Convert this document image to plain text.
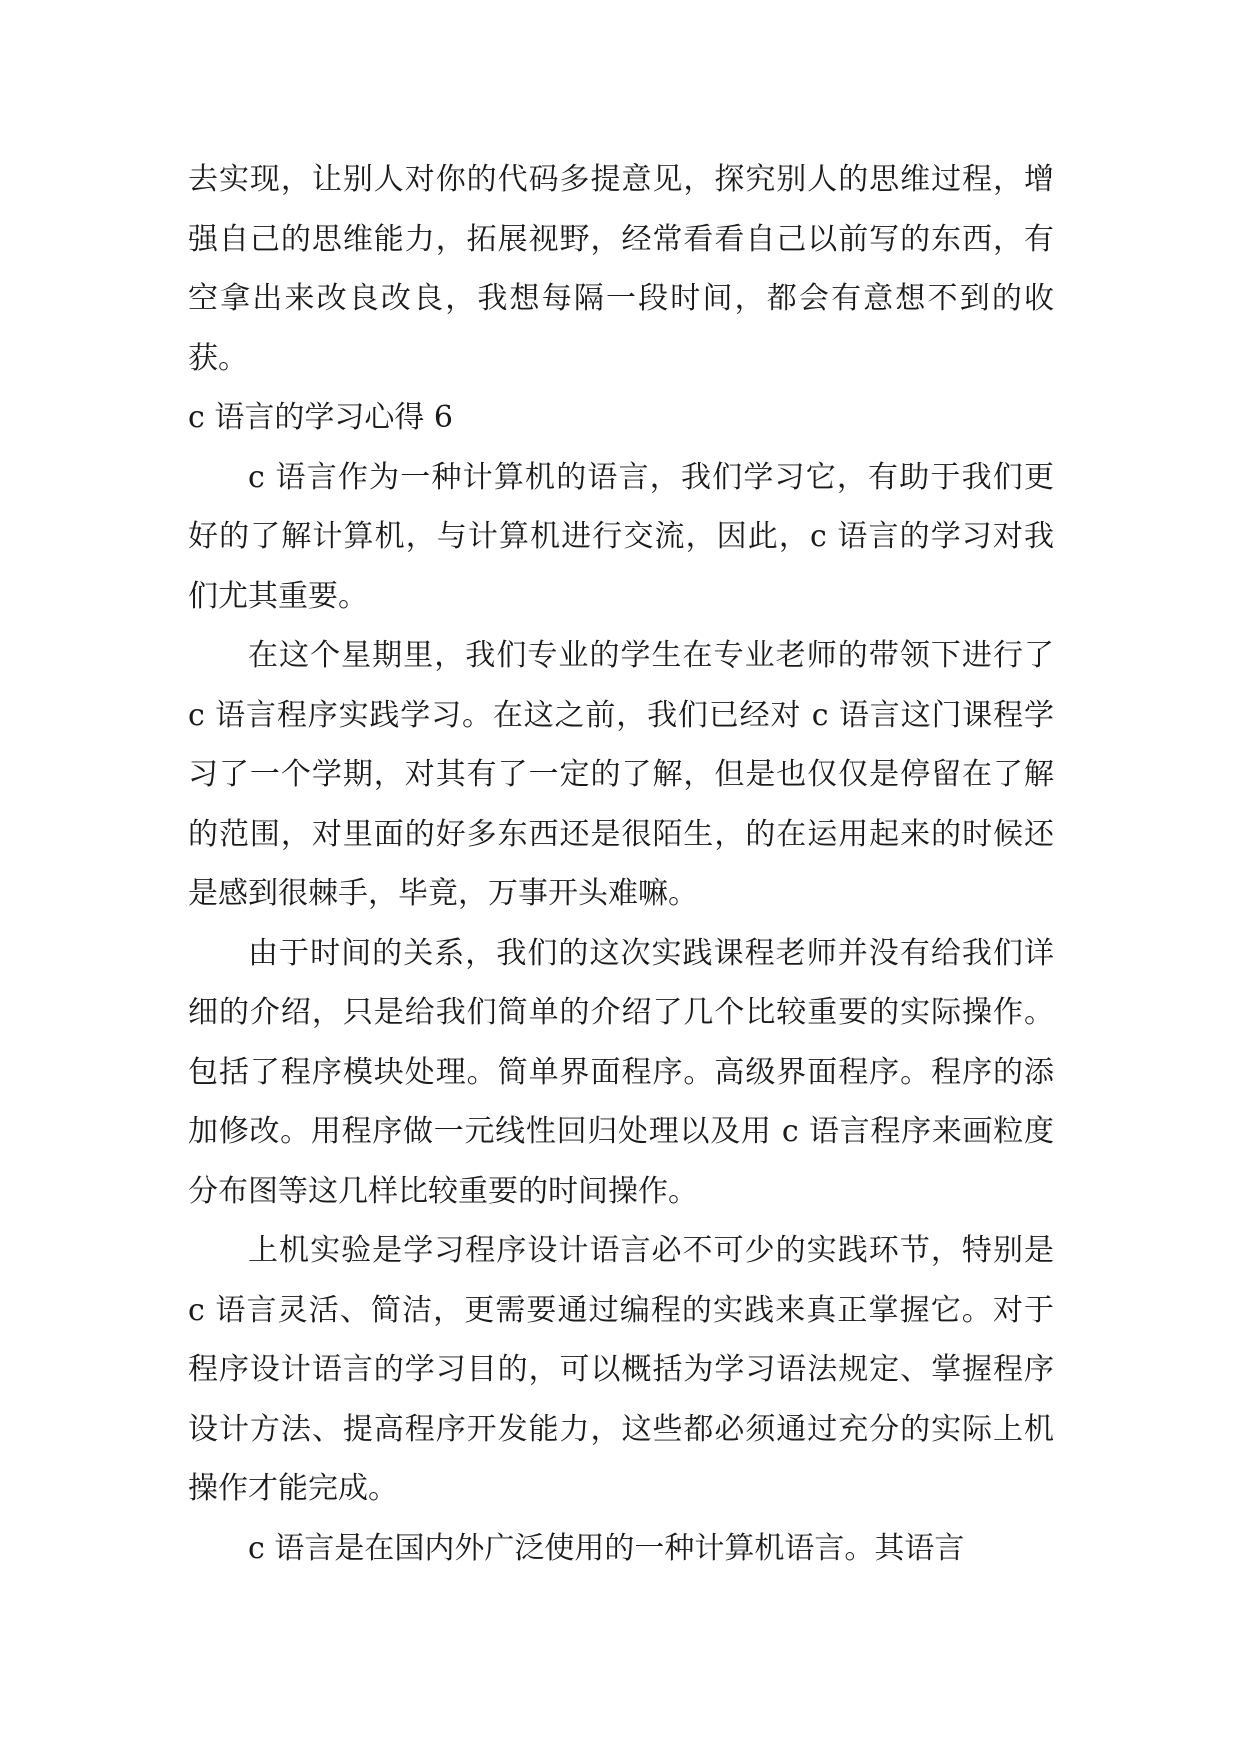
去实现，让别人对你的代码多提意见，探究别人的思维过程，增强自己的思维能力，拓展视野，经常看看自己以前写的东西，有空拿出来改良改良，我想每隔一段时间，都会有意想不到的收获。

c 语言的学习心得 6

c 语言作为一种计算机的语言，我们学习它，有助于我们更好的了解计算机，与计算机进行交流，因此，c 语言的学习对我们尤其重要。

在这个星期里，我们专业的学生在专业老师的带领下进行了 c 语言程序实践学习。在这之前，我们已经对 c 语言这门课程学习了一个学期，对其有了一定的了解，但是也仅仅是停留在了解的范围，对里面的好多东西还是很陌生，的在运用起来的时候还是感到很棘手，毕竟，万事开头难嘛。

由于时间的关系，我们的这次实践课程老师并没有给我们详细的介绍，只是给我们简单的介绍了几个比较重要的实际操作。包括了程序模块处理。简单界面程序。高级界面程序。程序的添加修改。用程序做一元线性回归处理以及用 c 语言程序来画粒度分布图等这几样比较重要的时间操作。

上机实验是学习程序设计语言必不可少的实践环节，特别是 c 语言灵活、简洁，更需要通过编程的实践来真正掌握它。对于程序设计语言的学习目的，可以概括为学习语法规定、掌握程序设计方法、提高程序开发能力，这些都必须通过充分的实际上机操作才能完成。

c 语言是在国内外广泛使用的一种计算机语言。其语言
